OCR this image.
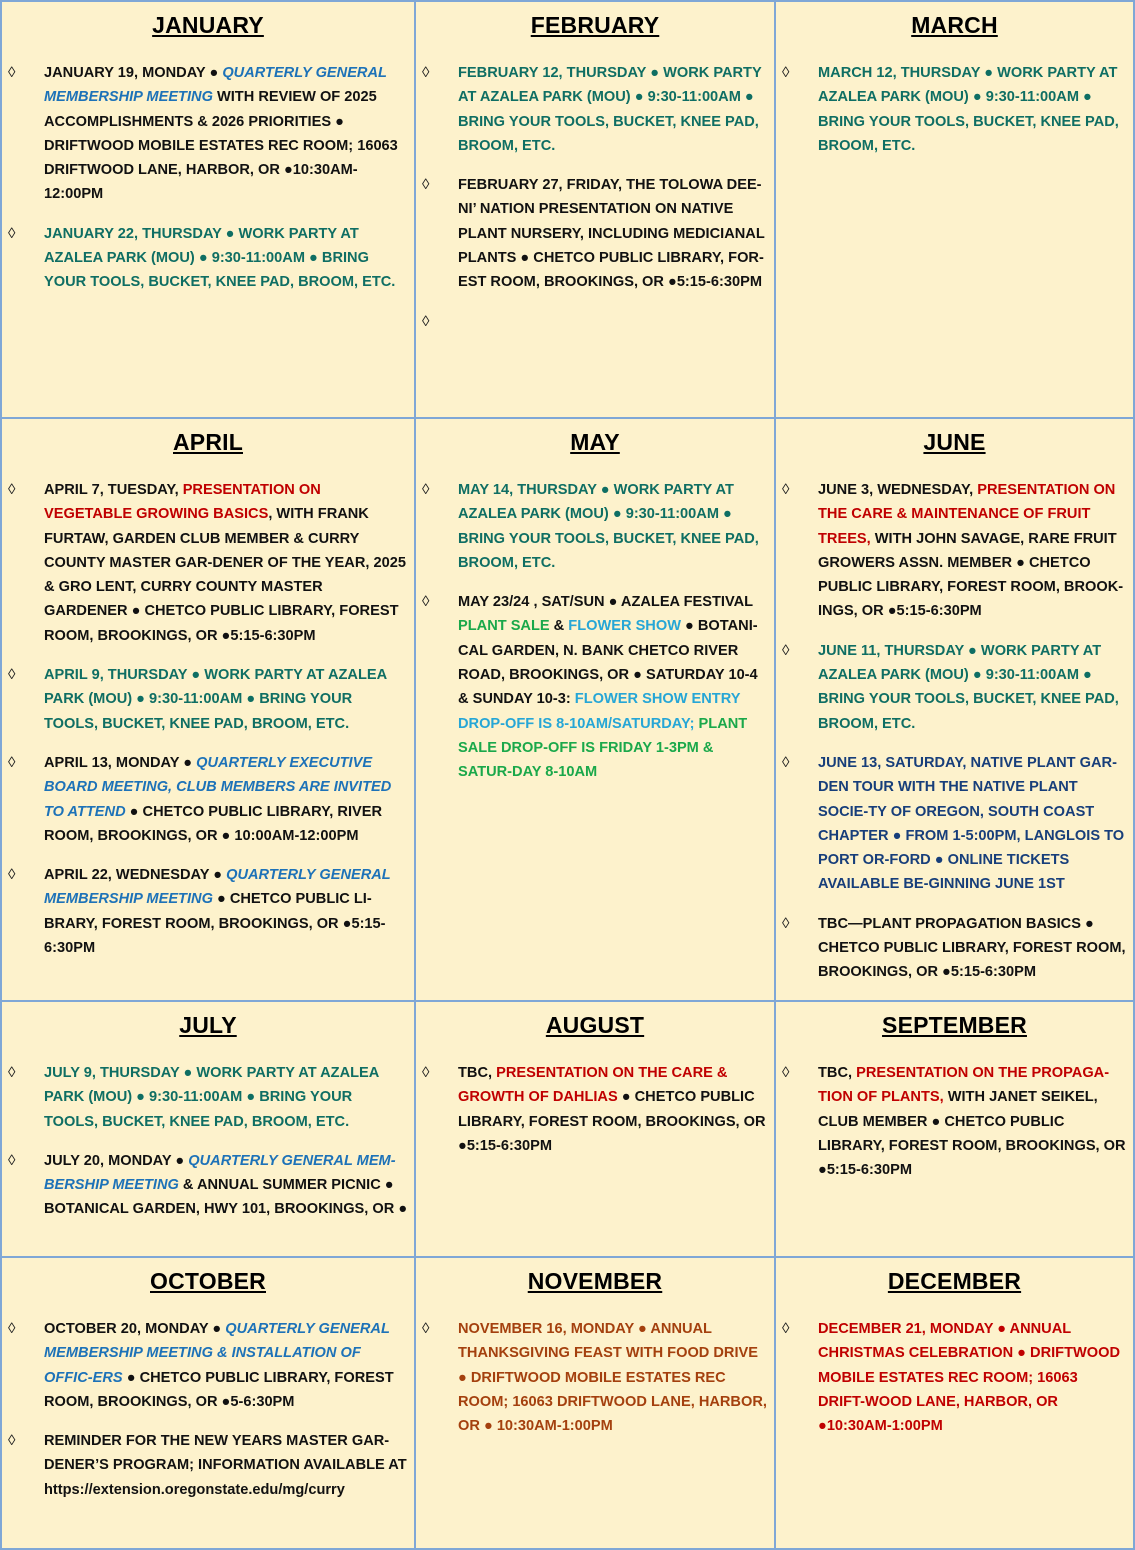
JANUARY
◊
JANUARY 19, MONDAY ● QUARTERLY GENERAL MEMBERSHIP MEETING WITH REVIEW OF 2025 ACCOMPLISHMENTS & 2026 PRIORITIES ● DRIFTWOOD MOBILE ESTATES REC ROOM; 16063 DRIFTWOOD LANE, HARBOR, OR ●10:30AM-12:00PM
◊
JANUARY 22, THURSDAY ● WORK PARTY AT AZALEA PARK (MOU) ● 9:30-11:00AM ● BRING YOUR TOOLS, BUCKET, KNEE PAD, BROOM, ETC.
FEBRUARY
◊
FEBRUARY 12, THURSDAY ● WORK PARTY AT AZALEA PARK (MOU) ● 9:30-11:00AM ● BRING YOUR TOOLS, BUCKET, KNEE PAD, BROOM, ETC.
◊
FEBRUARY 27, FRIDAY, THE TOLOWA DEE-NI’ NATION PRESENTATION ON NATIVE PLANT NURSERY, INCLUDING MEDICIANAL PLANTS ● CHETCO PUBLIC LIBRARY, FOR-EST ROOM, BROOKINGS, OR ●5:15-6:30PM
◊
MARCH
◊
MARCH 12, THURSDAY ● WORK PARTY AT AZALEA PARK (MOU) ● 9:30-11:00AM ● BRING YOUR TOOLS, BUCKET, KNEE PAD, BROOM, ETC.
APRIL
◊
APRIL 7, TUESDAY, PRESENTATION ON VEGETABLE GROWING BASICS, WITH FRANK FURTAW, GARDEN CLUB MEMBER & CURRY COUNTY MASTER GAR-DENER OF THE YEAR, 2025 & GRO LENT, CURRY COUNTY MASTER GARDENER ● CHETCO PUBLIC LIBRARY, FOREST ROOM, BROOKINGS, OR ●5:15-6:30PM
◊
APRIL 9, THURSDAY ● WORK PARTY AT AZALEA PARK (MOU) ● 9:30-11:00AM ● BRING YOUR TOOLS, BUCKET, KNEE PAD, BROOM, ETC.
◊
APRIL 13, MONDAY ● QUARTERLY EXECUTIVE BOARD MEETING, CLUB MEMBERS ARE INVITED TO ATTEND ● CHETCO PUBLIC LIBRARY, RIVER ROOM, BROOKINGS, OR ● 10:00AM-12:00PM
◊
APRIL 22, WEDNESDAY ● QUARTERLY GENERAL MEMBERSHIP MEETING ● CHETCO PUBLIC LI-BRARY, FOREST ROOM, BROOKINGS, OR ●5:15-6:30PM
MAY
◊
MAY 14, THURSDAY ● WORK PARTY AT AZALEA PARK (MOU) ● 9:30-11:00AM ● BRING YOUR TOOLS, BUCKET, KNEE PAD, BROOM, ETC.
◊
MAY 23/24 , SAT/SUN ● AZALEA FESTIVAL PLANT SALE & FLOWER SHOW ● BOTANI-CAL GARDEN, N. BANK CHETCO RIVER ROAD, BROOKINGS, OR ● SATURDAY 10-4 & SUNDAY 10-3: FLOWER SHOW ENTRY DROP-OFF IS 8-10AM/SATURDAY; PLANT SALE DROP-OFF IS FRIDAY 1-3PM & SATUR-DAY 8-10AM
JUNE
◊
JUNE 3, WEDNESDAY, PRESENTATION ON THE CARE & MAINTENANCE OF FRUIT TREES, WITH JOHN SAVAGE, RARE FRUIT GROWERS ASSN. MEMBER ● CHETCO PUBLIC LIBRARY, FOREST ROOM, BROOK-INGS, OR ●5:15-6:30PM
◊
JUNE 11, THURSDAY ● WORK PARTY AT AZALEA PARK (MOU) ● 9:30-11:00AM ● BRING YOUR TOOLS, BUCKET, KNEE PAD, BROOM, ETC.
◊
JUNE 13, SATURDAY, NATIVE PLANT GAR-DEN TOUR WITH THE NATIVE PLANT SOCIE-TY OF OREGON, SOUTH COAST CHAPTER ● FROM 1-5:00PM, LANGLOIS TO PORT OR-FORD ● ONLINE TICKETS AVAILABLE BE-GINNING JUNE 1ST
◊
TBC—PLANT PROPAGATION BASICS ● CHETCO PUBLIC LIBRARY, FOREST ROOM, BROOKINGS, OR ●5:15-6:30PM
JULY
◊
JULY 9, THURSDAY ● WORK PARTY AT AZALEA PARK (MOU) ● 9:30-11:00AM ● BRING YOUR TOOLS, BUCKET, KNEE PAD, BROOM, ETC.
◊
JULY 20, MONDAY ● QUARTERLY GENERAL MEM-BERSHIP MEETING & ANNUAL SUMMER PICNIC ● BOTANICAL GARDEN, HWY 101, BROOKINGS, OR ●
AUGUST
◊
TBC, PRESENTATION ON THE CARE & GROWTH OF DAHLIAS ● CHETCO PUBLIC LIBRARY, FOREST ROOM, BROOKINGS, OR ●5:15-6:30PM
SEPTEMBER
◊
TBC, PRESENTATION ON THE PROPAGA-TION OF PLANTS, WITH JANET SEIKEL, CLUB MEMBER ● CHETCO PUBLIC LIBRARY, FOREST ROOM, BROOKINGS, OR ●5:15-6:30PM
OCTOBER
◊
OCTOBER 20, MONDAY ● QUARTERLY GENERAL MEMBERSHIP MEETING & INSTALLATION OF OFFIC-ERS ● CHETCO PUBLIC LIBRARY, FOREST ROOM, BROOKINGS, OR ●5-6:30PM
◊
REMINDER FOR THE NEW YEARS MASTER GAR-DENER’S PROGRAM; INFORMATION AVAILABLE AT https://extension.oregonstate.edu/mg/curry
NOVEMBER
◊
NOVEMBER 16, MONDAY ● ANNUAL THANKSGIVING FEAST WITH FOOD DRIVE ● DRIFTWOOD MOBILE ESTATES REC ROOM; 16063 DRIFTWOOD LANE, HARBOR, OR ● 10:30AM-1:00PM
DECEMBER
◊
DECEMBER 21, MONDAY ● ANNUAL CHRISTMAS CELEBRATION ● DRIFTWOOD MOBILE ESTATES REC ROOM; 16063 DRIFT-WOOD LANE, HARBOR, OR ●10:30AM-1:00PM
